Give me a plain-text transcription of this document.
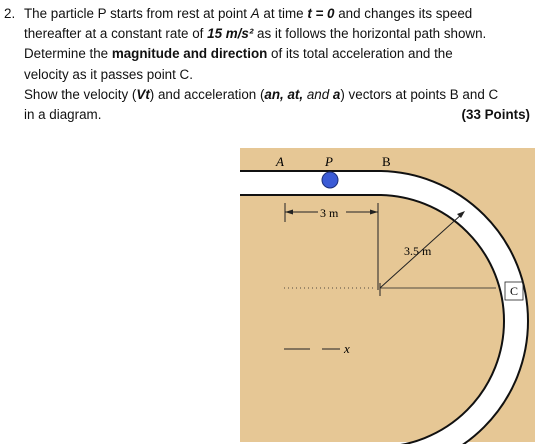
2. The particle P starts from rest at point A at time t = 0 and changes its speed
thereafter at a constant rate of 15 m/s² as it follows the horizontal path shown.
Determine the magnitude and direction of its total acceleration and the
velocity as it passes point C.
Show the velocity (Vt) and acceleration (an, at, and a) vectors at points B and C
in a diagram.	(33 Points)
A	P	B
C
x
3 m
3.5 m
